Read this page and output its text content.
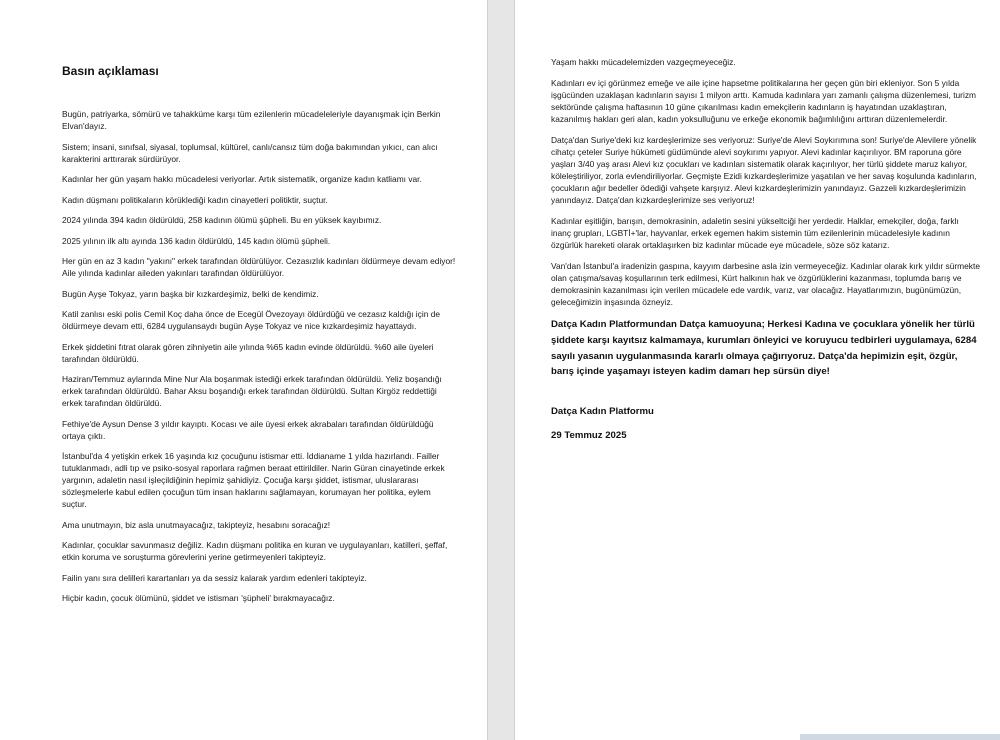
Basın açıklaması

Bugün, patriyarka, sömürü ve tahakküme karşı tüm ezilenlerin mücadeleleriyle dayanışmak için Berkin Elvan'dayız.

Sistem; insani, sınıfsal, siyasal, toplumsal, kültürel, canlı/cansız tüm doğa bakımından yıkıcı, can alıcı karakterini arttırarak sürdürüyor.

Kadınlar her gün yaşam hakkı mücadelesi veriyorlar. Artık sistematik, organize kadın katliamı var.

Kadın düşmanı politikaların körüklediği kadın cinayetleri politiktir, suçtur.

2024 yılında 394 kadın öldürüldü, 258 kadının ölümü şüpheli. Bu en yüksek kayıbımız.

2025 yılının ilk altı ayında 136 kadın öldürüldü, 145 kadın ölümü şüpheli.

Her gün en az 3 kadın "yakını" erkek tarafından öldürülüyor. Cezasızlık kadınları öldürmeye devam ediyor! Aile yılında kadınlar aileden yakınları tarafından öldürülüyor.

Bugün Ayşe Tokyaz, yarın başka bir kızkardeşimiz, belki de kendimiz.

Katil zanlısı eski polis Cemil Koç daha önce de Ecegül Övezoyayı öldürdüğü ve cezasız kaldığı için de öldürmeye devam etti, 6284 uygulansaydı bugün Ayşe Tokyaz ve nice kızkardeşimiz hayattaydı.

Erkek şiddetini fıtrat olarak gören zihniyetin aile yılında %65 kadın evinde öldürüldü. %60 aile üyeleri tarafından öldürüldü.

Haziran/Temmuz aylarında Mine Nur Ala boşanmak istediği erkek tarafından öldürüldü. Yeliz boşandığı erkek tarafından öldürüldü. Bahar Aksu boşandığı erkek tarafından öldürüldü. Sultan Kirgöz reddettiği erkek tarafından öldürüldü.

Fethiye'de Aysun Dense 3 yıldır kayıptı. Kocası ve aile üyesi erkek akrabaları tarafından öldürüldüğü ortaya çıktı.

İstanbul'da 4 yetişkin erkek 16 yaşında kız çocuğunu istismar etti. İddianame 1 yılda hazırlandı. Failler tutuklanmadı, adli tıp ve psiko-sosyal raporlara rağmen beraat ettirildiler. Narin Güran cinayetinde erkek yargının, adaletin nasıl işleçildiğinin hepimiz şahidiyiz. Çocuğa karşı şiddet, istismar, uluslararası sözleşmelerle kabul edilen çocuğun tüm insan haklarını sağlamayan, korumayan her politika, eylem suçtur.

Ama unutmayın, biz asla unutmayacağız, takipteyiz, hesabını soracağız!

Kadınlar, çocuklar savunmasız değiliz. Kadın düşmanı politika en kuran ve uygulayanları, katilleri, şeffaf, etkin koruma ve soruşturma görevlerini yerine getirmeyenleri takipteyiz.

Failin yanı sıra delilleri karartanları ya da sessiz kalarak yardım edenleri takipteyiz.

Hiçbir kadın, çocuk ölümünü, şiddet ve istismarı 'şüpheli' bırakmayacağız.

Yaşam hakkı mücadelemizden vazgeçmeyeceğiz.

Kadınları ev içi görünmez emeğe ve aile içine hapsetme politikalarına her geçen gün biri ekleniyor. Son 5 yılda işgücünden uzaklaşan kadınların sayısı 1 milyon arttı. Kamuda kadınlara yarı zamanlı çalışma düzenlemesi, turizm sektöründe çalışma haftasının 10 güne çıkarılması kadın emekçilerin kadınların iş hayatından uzaklaştıran, kazanılmış hakları geri alan, kadın yoksulluğunu ve erkeğe ekonomik bağımlılığını arttıran düzenlemelerdir.

Datça'dan Suriye'deki kız kardeşlerimize ses veriyoruz: Suriye'de Alevi Soykırımına son! Suriye'de Alevilere yönelik cihatçı çeteler Suriye hükümeti güdümünde alevi soykırımı yapıyor. Alevi kadınlar kaçırılıyor. BM raporuna göre yaşları 3/40 yaş arası Alevi kız çocukları ve kadınları sistematik olarak kaçırılıyor, her türlü şiddete maruz kalıyor, köleleştiriliyor, zorla evlendiriliyorlar. Geçmişte Ezidi kızkardeşlerimize yaşatılan ve her savaş koşulunda kadınların, çocukların ağır bedeller ödediği vahşete karşıyız. Alevi kızkardeşlerimizin yanındayız. Gazzeli kızkardeşlerimizin yanındayız. Datça'dan kızkardeşlerimize ses veriyoruz!

Kadınlar eşitliğin, barışın, demokrasinin, adaletin sesini yükseltciği her yerdedir. Halklar, emekçiler, doğa, farklı inanç grupları, LGBTİ+'lar, hayvanlar, erkek egemen hakim sistemin tüm ezilenlerinin mücadelesiyle kadının özgürlük hareketi olarak ortaklaşırken biz kadınlar mücade eye mücadele, söze söz katarız.

Van'dan İstanbul'a iradenizin gaspına, kayyım darbesine asla izin vermeyeceğiz. Kadınlar olarak kırk yıldır sürmekte olan çatışma/savaş koşullarının terk edilmesi, Kürt halkının hak ve özgürlüklerini kazanması, toplumda barış ve demokrasinin kazanılması için verilen mücadele ede vardık, varız, var olacağız. Hayatlarımızın, bugünümüzün, geleceğimizin inşasında özneyiz.

Datça Kadın Platformundan Datça kamuoyuna; Herkesi Kadına ve çocuklara yönelik her türlü şiddete karşı kayıtsız kalmamaya, kurumları önleyici ve koruyucu tedbirleri uygulamaya, 6284 sayılı yasanın uygulanmasında kararlı olmaya çağırıyoruz. Datça'da hepimizin eşit, özgür, barış içinde yaşamayı isteyen kadim damarı hep sürsün diye!

Datça Kadın Platformu

29 Temmuz 2025
